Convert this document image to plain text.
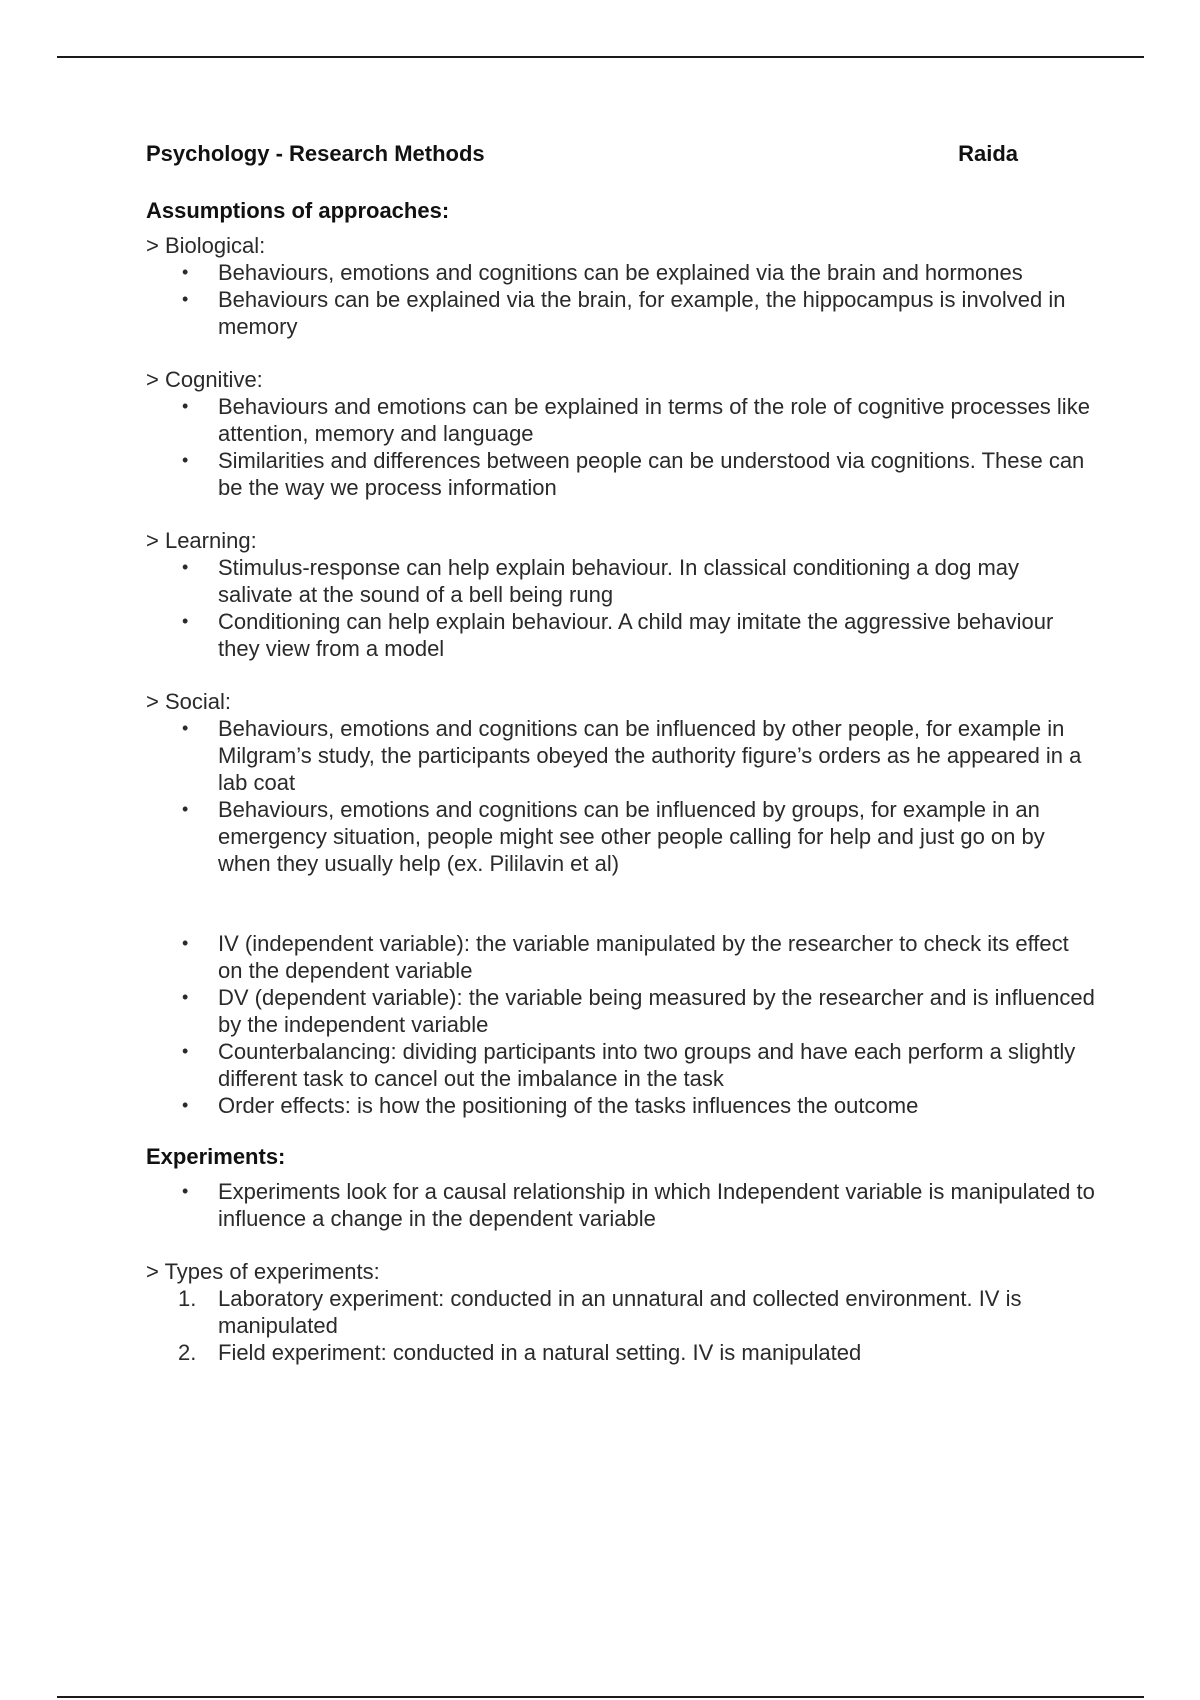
Psychology - Research Methods	Raida

Assumptions of approaches:

> Biological:

• Behaviours, emotions and cognitions can be explained via the brain and hormones
• Behaviours can be explained via the brain, for example, the hippocampus is involved in memory

> Cognitive:

• Behaviours and emotions can be explained in terms of the role of cognitive processes like attention, memory and language
• Similarities and differences between people can be understood via cognitions. These can be the way we process information

> Learning:

• Stimulus-response can help explain behaviour. In classical conditioning a dog may salivate at the sound of a bell being rung
• Conditioning can help explain behaviour. A child may imitate the aggressive behaviour they view from a model

> Social:

• Behaviours, emotions and cognitions can be influenced by other people, for example in Milgram’s study, the participants obeyed the authority figure’s orders as he appeared in a lab coat
• Behaviours, emotions and cognitions can be influenced by groups, for example in an emergency situation, people might see other people calling for help and just go on by when they usually help (ex. Pililavin et al)
• IV (independent variable): the variable manipulated by the researcher to check its effect on the dependent variable
• DV (dependent variable): the variable being measured by the researcher and is influenced by the independent variable
• Counterbalancing: dividing participants into two groups and have each perform a slightly different task to cancel out the imbalance in the task
• Order effects: is how the positioning of the tasks influences the outcome

Experiments:

• Experiments look for a causal relationship in which Independent variable is manipulated to influence a change in the dependent variable

> Types of experiments:

1. Laboratory experiment: conducted in an unnatural and collected environment. IV is manipulated
2. Field experiment: conducted in a natural setting. IV is manipulated
